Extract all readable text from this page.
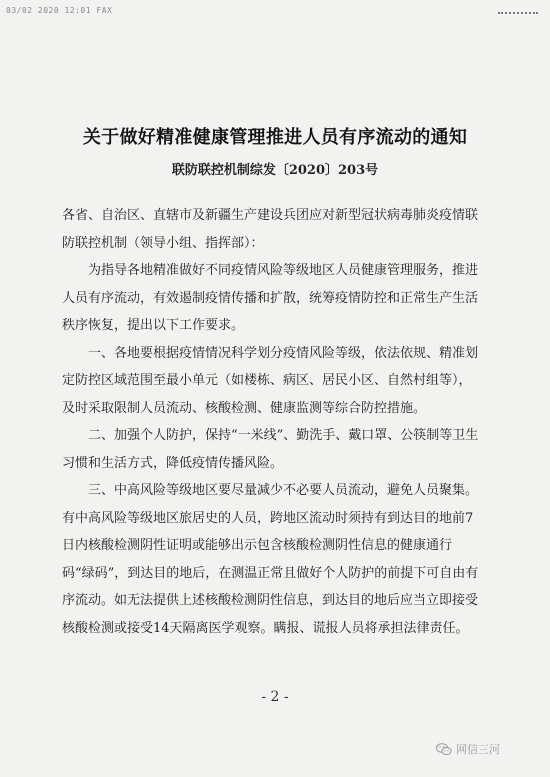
03/02 2020 12:01 FAX
关于做好精准健康管理推进人员有序流动的通知
联防联控机制综发〔2020〕203号

各省、自治区、直辖市及新疆生产建设兵团应对新型冠状病毒肺炎疫情联防联控机制（领导小组、指挥部）：

为指导各地精准做好不同疫情风险等级地区人员健康管理服务，推进人员有序流动，有效遏制疫情传播和扩散，统筹疫情防控和正常生产生活秩序恢复，提出以下工作要求。

一、各地要根据疫情情况科学划分疫情风险等级，依法依规、精准划定防控区域范围至最小单元（如楼栋、病区、居民小区、自然村组等），及时采取限制人员流动、核酸检测、健康监测等综合防控措施。

二、加强个人防护，保持“一米线”、勤洗手、戴口罩、公筷制等卫生习惯和生活方式，降低疫情传播风险。

三、中高风险等级地区要尽量减少不必要人员流动，避免人员聚集。有中高风险等级地区旅居史的人员，跨地区流动时须持有到达目的地前7日内核酸检测阴性证明或能够出示包含核酸检测阴性信息的健康通行码“绿码”，到达目的地后，在测温正常且做好个人防护的前提下可自由有序流动。如无法提供上述核酸检测阴性信息，到达目的地后应当立即接受核酸检测或接受14天隔离医学观察。瞒报、谎报人员将承担法律责任。

- 2 -
网信三河
